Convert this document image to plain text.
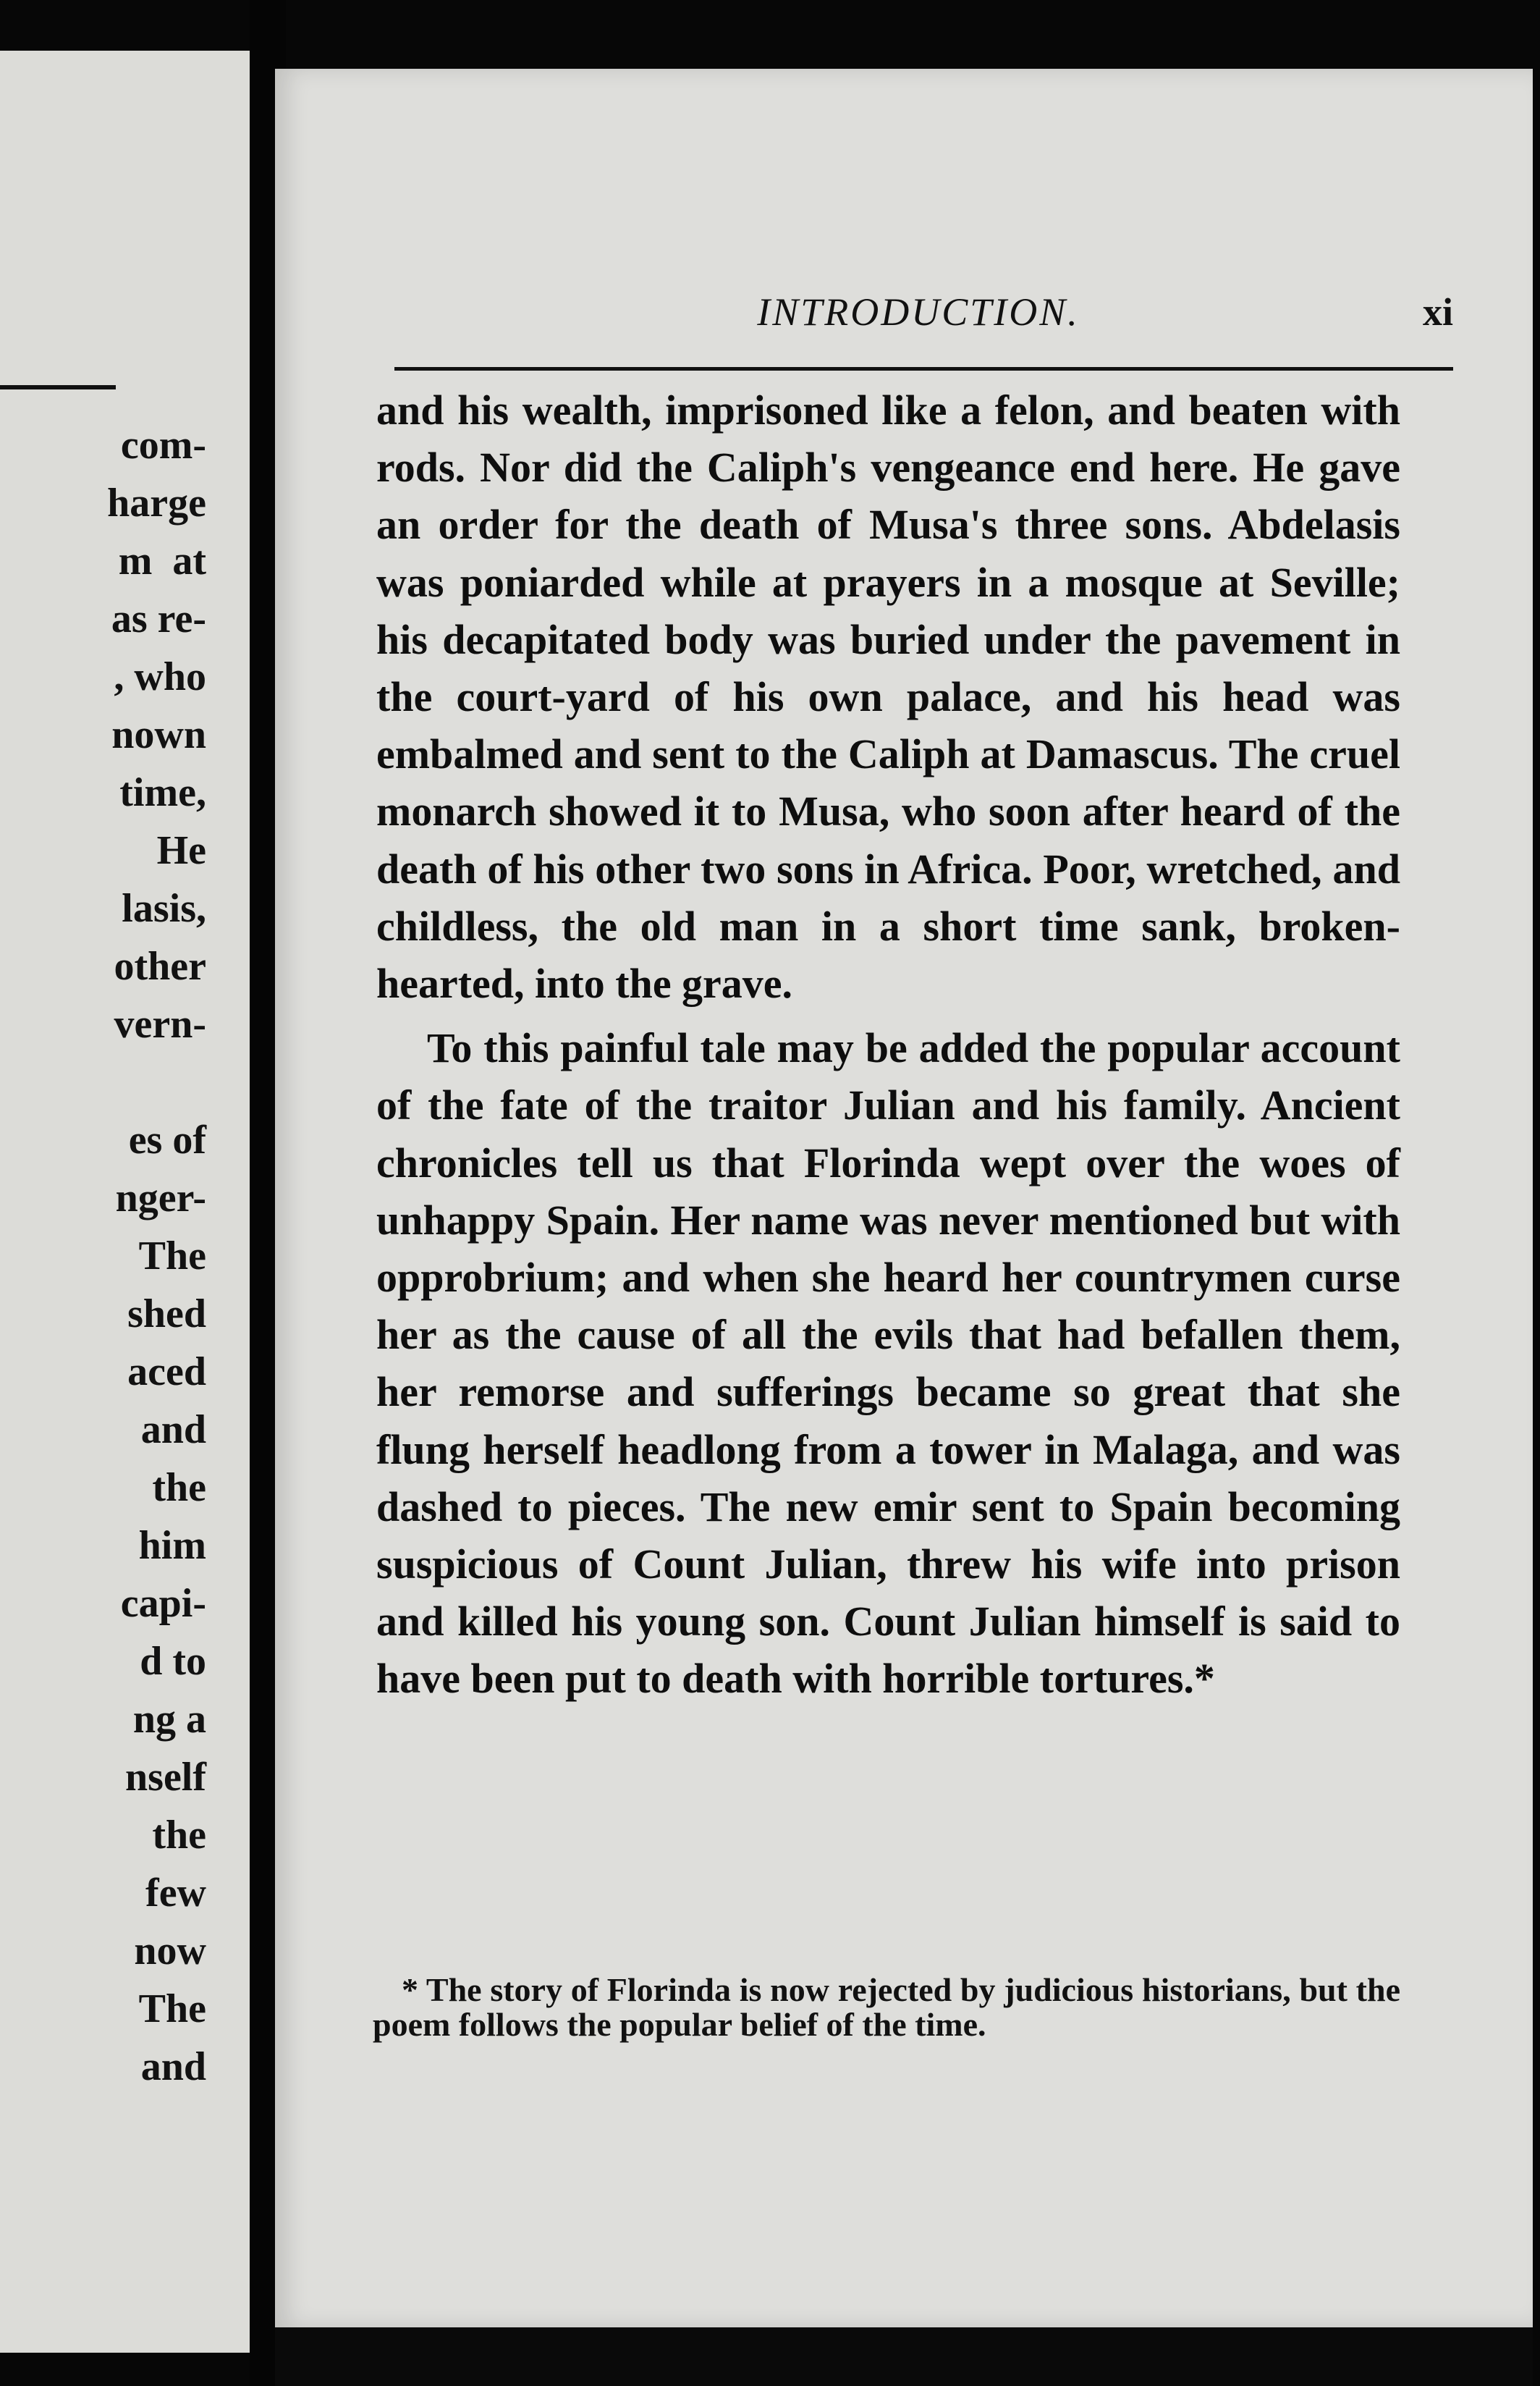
com-
harge
m  at
as re-
, who
nown
time,
He
lasis,
other
vern-

es of
nger-
The
shed
aced
and
the
him
capi-
d to
ng a
nself
the
few
now
The
and
INTRODUCTION.	xi

and his wealth, imprisoned like a felon, and beaten with rods. Nor did the Caliph's vengeance end here. He gave an order for the death of Musa's three sons. Abdelasis was poniarded while at prayers in a mosque at Seville; his decapitated body was buried under the pavement in the court-yard of his own palace, and his head was embalmed and sent to the Caliph at Damascus. The cruel monarch showed it to Musa, who soon after heard of the death of his other two sons in Africa. Poor, wretched, and childless, the old man in a short time sank, broken-hearted, into the grave.

To this painful tale may be added the popular account of the fate of the traitor Julian and his family. Ancient chronicles tell us that Florinda wept over the woes of unhappy Spain. Her name was never mentioned but with opprobrium; and when she heard her countrymen curse her as the cause of all the evils that had befallen them, her remorse and sufferings became so great that she flung herself headlong from a tower in Malaga, and was dashed to pieces. The new emir sent to Spain becoming suspicious of Count Julian, threw his wife into prison and killed his young son. Count Julian himself is said to have been put to death with horrible tortures.*

* The story of Florinda is now rejected by judicious historians, but the poem follows the popular belief of the time.
